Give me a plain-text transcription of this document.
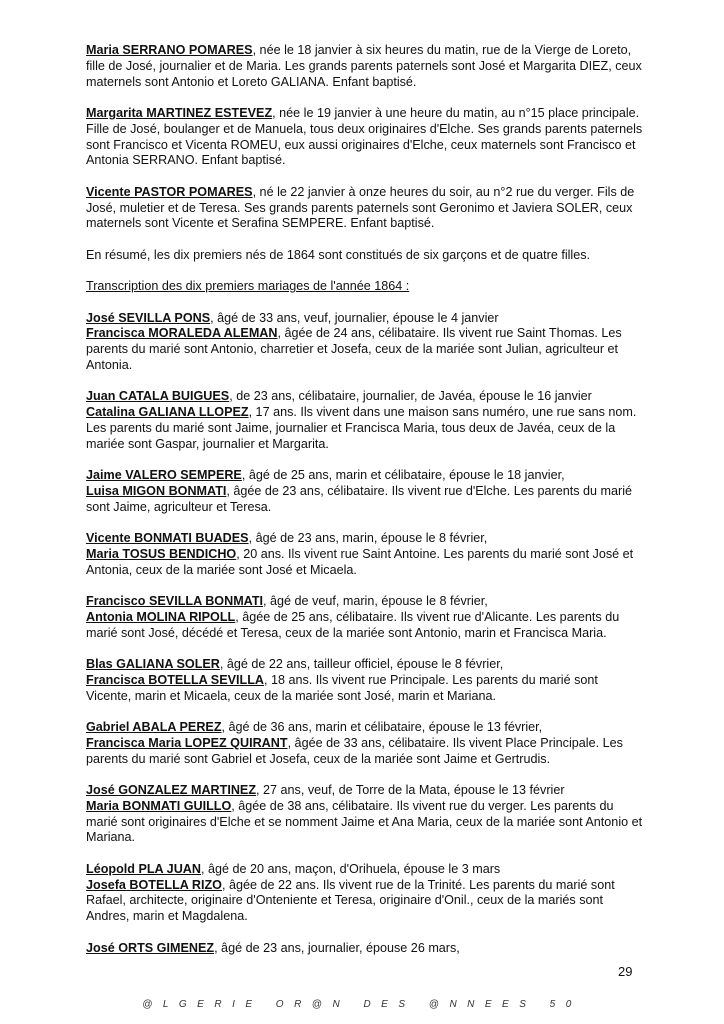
Maria SERRANO POMARES, née le 18 janvier à six heures du matin, rue de la Vierge de Loreto, fille de José, journalier et de Maria. Les grands parents paternels sont José et Margarita DIEZ, ceux maternels sont Antonio et Loreto GALIANA. Enfant baptisé.

Margarita MARTINEZ ESTEVEZ, née le 19 janvier à une heure du matin, au n°15 place principale. Fille de José, boulanger et de Manuela, tous deux originaires d'Elche. Ses grands parents paternels sont Francisco et Vicenta ROMEU, eux aussi originaires d'Elche, ceux maternels sont Francisco et Antonia SERRANO. Enfant baptisé.

Vicente PASTOR POMARES, né le 22 janvier à onze heures du soir, au n°2 rue du verger. Fils de José, muletier et de Teresa. Ses grands parents paternels sont Geronimo et Javiera SOLER, ceux maternels sont Vicente et Serafina SEMPERE. Enfant baptisé.

En résumé, les dix premiers nés de 1864 sont constitués de six garçons et de quatre filles.

Transcription des dix premiers mariages de l'année 1864 :

José SEVILLA PONS, âgé de 33 ans, veuf, journalier, épouse le 4 janvier
Francisca MORALEDA ALEMAN, âgée de 24 ans, célibataire. Ils vivent rue Saint Thomas. Les parents du marié sont Antonio, charretier et Josefa, ceux de la mariée sont Julian, agriculteur et Antonia.

Juan CATALA BUIGUES, de 23 ans, célibataire, journalier, de Javéa, épouse le 16 janvier
Catalina GALIANA LLOPEZ, 17 ans. Ils vivent dans une maison sans numéro, une rue sans nom. Les parents du marié sont Jaime, journalier et Francisca Maria, tous deux de Javéa, ceux de la mariée sont Gaspar, journalier et Margarita.

Jaime VALERO SEMPERE, âgé de 25 ans, marin et célibataire, épouse le 18 janvier,
Luisa MIGON BONMATI, âgée de 23 ans, célibataire. Ils vivent rue d'Elche. Les parents du marié sont Jaime, agriculteur et Teresa.

Vicente BONMATI BUADES, âgé de 23 ans, marin, épouse le 8 février,
Maria TOSUS BENDICHO, 20 ans. Ils vivent rue Saint Antoine. Les parents du marié sont José et Antonia, ceux de la mariée sont José et Micaela.

Francisco SEVILLA BONMATI, âgé de veuf, marin, épouse le 8 février,
Antonia MOLINA RIPOLL, âgée de 25 ans, célibataire. Ils vivent rue d'Alicante. Les parents du marié sont José, décédé et Teresa, ceux de la mariée sont Antonio, marin et Francisca Maria.

Blas GALIANA SOLER, âgé de 22 ans, tailleur officiel, épouse le 8 février,
Francisca BOTELLA SEVILLA, 18 ans. Ils vivent rue Principale. Les parents du marié sont Vicente, marin et Micaela, ceux de la mariée sont José, marin et Mariana.

Gabriel ABALA PEREZ, âgé de 36 ans, marin et célibataire, épouse le 13 février,
Francisca Maria LOPEZ QUIRANT, âgée de 33 ans, célibataire. Ils vivent Place Principale. Les parents du marié sont Gabriel et Josefa, ceux de la mariée sont Jaime et Gertrudis.

José GONZALEZ MARTINEZ, 27 ans, veuf, de Torre de la Mata, épouse le 13 février
Maria BONMATI GUILLO, âgée de 38 ans, célibataire. Ils vivent rue du verger. Les parents du marié sont originaires d'Elche et se nomment Jaime et Ana Maria, ceux de la mariée sont Antonio et Mariana.

Léopold PLA JUAN, âgé de 20 ans, maçon, d'Orihuela, épouse le 3 mars
Josefa BOTELLA RIZO, âgée de 22 ans. Ils vivent rue de la Trinité. Les parents du marié sont Rafael, architecte, originaire d'Onteniente et Teresa, originaire d'Onil., ceux de la mariés sont Andres, marin et Magdalena.

José ORTS GIMENEZ, âgé de 23 ans, journalier, épouse 26 mars,

29
@LGERIE OR@N DES @NNEES 50
